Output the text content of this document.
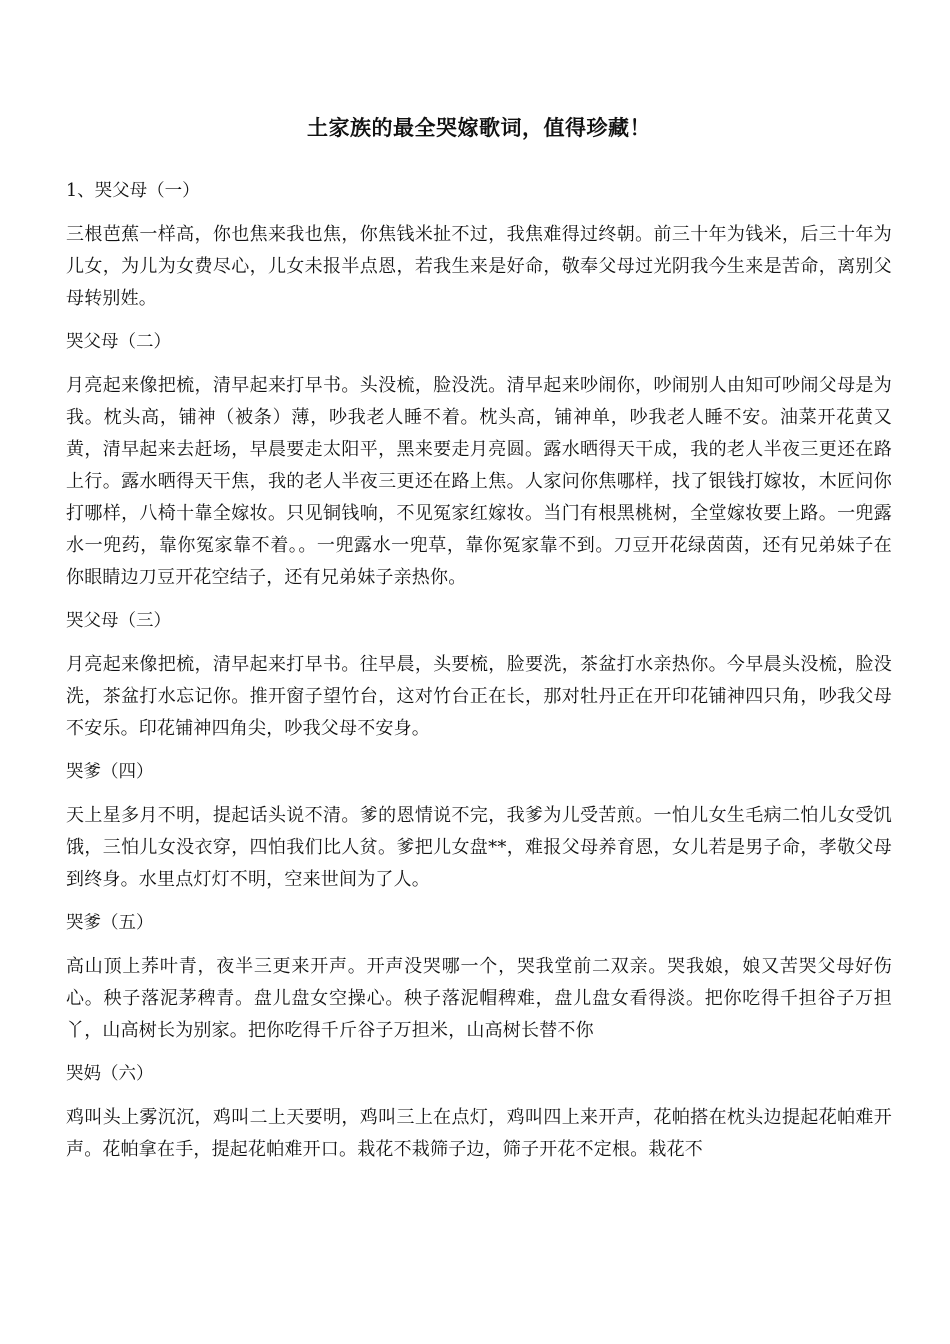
土家族的最全哭嫁歌词，值得珍藏！

1、哭父母（一）

三根芭蕉一样高，你也焦来我也焦，你焦钱米扯不过，我焦难得过终朝。前三十年为钱米，后三十年为儿女，为儿为女费尽心，儿女未报半点恩，若我生来是好命，敬奉父母过光阴我今生来是苦命，离别父母转别姓。

哭父母（二）

月亮起来像把梳，清早起来打早书。头没梳，脸没洗。清早起来吵闹你，吵闹别人由知可吵闹父母是为我。枕头高，铺神（被条）薄，吵我老人睡不着。枕头高，铺神单，吵我老人睡不安。油菜开花黄又黄，清早起来去赶场，早晨要走太阳平，黑来要走月亮圆。露水晒得天干成，我的老人半夜三更还在路上行。露水晒得天干焦，我的老人半夜三更还在路上焦。人家问你焦哪样，找了银钱打嫁妆，木匠问你打哪样，八椅十靠全嫁妆。只见铜钱响，不见冤家红嫁妆。当门有根黑桃树，全堂嫁妆要上路。一兜露水一兜药，靠你冤家靠不着。。一兜露水一兜草，靠你冤家靠不到。刀豆开花绿茵茵，还有兄弟妹子在你眼睛边刀豆开花空结子，还有兄弟妹子亲热你。

哭父母（三）

月亮起来像把梳，清早起来打早书。往早晨，头要梳，脸要洗，茶盆打水亲热你。今早晨头没梳，脸没洗，茶盆打水忘记你。推开窗子望竹台，这对竹台正在长，那对牡丹正在开印花铺神四只角，吵我父母不安乐。印花铺神四角尖，吵我父母不安身。

哭爹（四）

天上星多月不明，提起话头说不清。爹的恩情说不完，我爹为儿受苦煎。一怕儿女生毛病二怕儿女受饥饿，三怕儿女没衣穿，四怕我们比人贫。爹把儿女盘**，难报父母养育恩，女儿若是男子命，孝敬父母到终身。水里点灯灯不明，空来世间为了人。

哭爹（五）

高山顶上荞叶青，夜半三更来开声。开声没哭哪一个，哭我堂前二双亲。哭我娘，娘又苦哭父母好伤心。秧子落泥茅稗青。盘儿盘女空操心。秧子落泥帽稗难，盘儿盘女看得淡。把你吃得千担谷子万担丫，山高树长为别家。把你吃得千斤谷子万担米，山高树长替不你

哭妈（六）

鸡叫头上雾沉沉，鸡叫二上天要明，鸡叫三上在点灯，鸡叫四上来开声，花帕搭在枕头边提起花帕难开声。花帕拿在手，提起花帕难开口。栽花不栽筛子边，筛子开花不定根。栽花不
